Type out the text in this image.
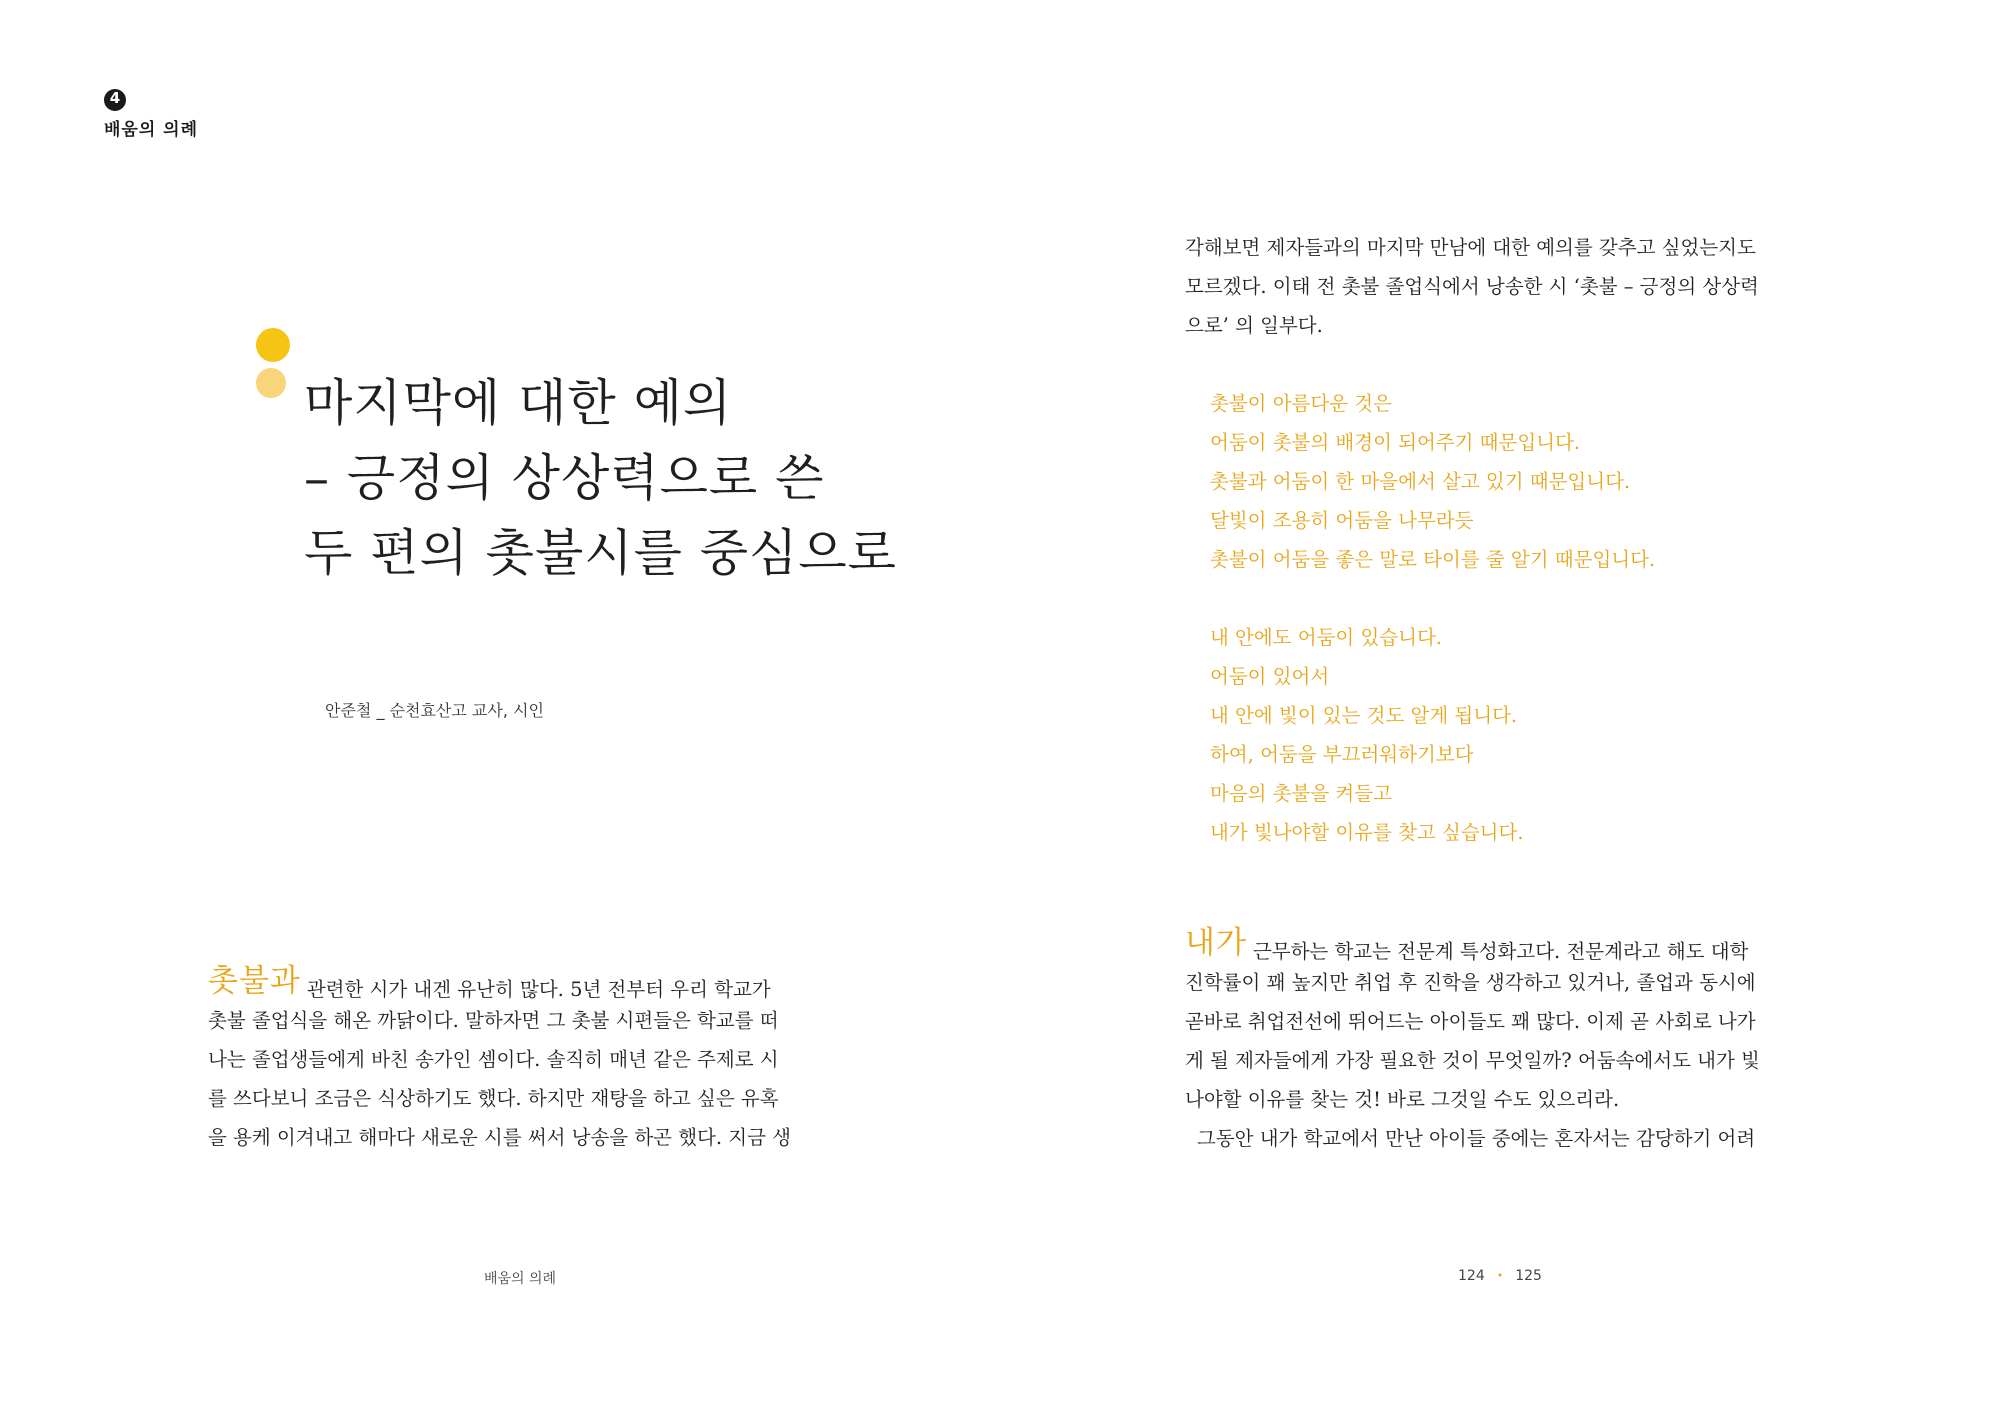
4
배움의 의례
마지막에 대한 예의
– 긍정의 상상력으로 쓴
두 편의 촛불시를 중심으로
안준철 _ 순천효산고 교사, 시인
촛불과 관련한 시가 내겐 유난히 많다. 5년 전부터 우리 학교가
촛불 졸업식을 해온 까닭이다. 말하자면 그 촛불 시편들은 학교를 떠
나는 졸업생들에게 바친 송가인 셈이다. 솔직히 매년 같은 주제로 시
를 쓰다보니 조금은 식상하기도 했다. 하지만 재탕을 하고 싶은 유혹
을 용케 이겨내고 해마다 새로운 시를 써서 낭송을 하곤 했다. 지금 생
배움의 의례
각해보면 제자들과의 마지막 만남에 대한 예의를 갖추고 싶었는지도
모르겠다. 이태 전 촛불 졸업식에서 낭송한 시 ‘촛불 – 긍정의 상상력
으로’ 의 일부다.
촛불이 아름다운 것은
어둠이 촛불의 배경이 되어주기 때문입니다.
촛불과 어둠이 한 마을에서 살고 있기 때문입니다.
달빛이 조용히 어둠을 나무라듯
촛불이 어둠을 좋은 말로 타이를 줄 알기 때문입니다.
내 안에도 어둠이 있습니다.
어둠이 있어서
내 안에 빛이 있는 것도 알게 됩니다.
하여, 어둠을 부끄러워하기보다
마음의 촛불을 켜들고
내가 빛나야할 이유를 찾고 싶습니다.
내가 근무하는 학교는 전문계 특성화고다. 전문계라고 해도 대학
진학률이 꽤 높지만 취업 후 진학을 생각하고 있거나, 졸업과 동시에
곧바로 취업전선에 뛰어드는 아이들도 꽤 많다. 이제 곧 사회로 나가
게 될 제자들에게 가장 필요한 것이 무엇일까? 어둠속에서도 내가 빛
나야할 이유를 찾는 것! 바로 그것일 수도 있으리라.
그동안 내가 학교에서 만난 아이들 중에는 혼자서는 감당하기 어려
124 • 125
